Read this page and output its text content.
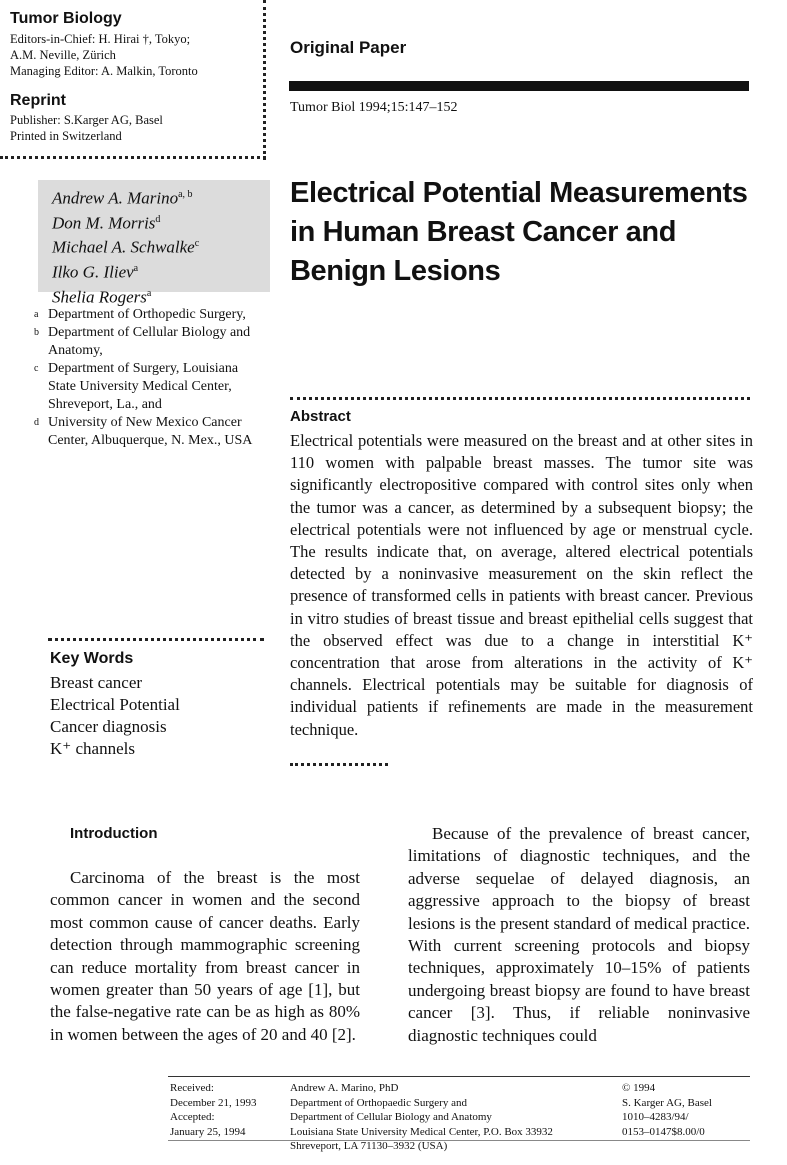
Tumor Biology
Editors-in-Chief: H. Hirai †, Tokyo;
A.M. Neville, Zürich
Managing Editor: A. Malkin, Toronto
Reprint
Publisher: S.Karger AG, Basel
Printed in Switzerland
Original Paper
Tumor Biol 1994;15:147–152
Andrew A. Marino$^{a, b}$
Don M. Morris$^d$
Michael A. Schwalke$^c$
Ilko G. Iliev$^a$
Shelia Rogers$^a$
a Department of Orthopedic Surgery,
b Department of Cellular Biology and Anatomy,
c Department of Surgery, Louisiana State University Medical Center, Shreveport, La., and
d University of New Mexico Cancer Center, Albuquerque, N. Mex., USA
Electrical Potential Measurements
in Human Breast Cancer and
Benign Lesions
Abstract
Electrical potentials were measured on the breast and at other sites in 110 women with palpable breast masses. The tumor site was significantly electropositive compared with control sites only when the tumor was a cancer, as determined by a subsequent biopsy; the electrical potentials were not influenced by age or menstrual cycle. The results indicate that, on average, altered electrical potentials detected by a noninvasive measurement on the skin reflect the presence of transformed cells in patients with breast cancer. Previous in vitro studies of breast tissue and breast epithelial cells suggest that the observed effect was due to a change in interstitial K⁺ concentration that arose from alterations in the activity of K⁺ channels. Electrical potentials may be suitable for diagnosis of individual patients if refinements are made in the measurement technique.
Key Words
Breast cancer
Electrical Potential
Cancer diagnosis
K⁺ channels
Introduction
Carcinoma of the breast is the most common cancer in women and the second most common cause of cancer deaths. Early detection through mammographic screening can reduce mortality from breast cancer in women greater than 50 years of age [1], but the false-negative rate can be as high as 80% in women between the ages of 20 and 40 [2].
Because of the prevalence of breast cancer, limitations of diagnostic techniques, and the adverse sequelae of delayed diagnosis, an aggressive approach to the biopsy of breast lesions is the present standard of medical practice. With current screening protocols and biopsy techniques, approximately 10–15% of patients undergoing breast biopsy are found to have breast cancer [3]. Thus, if reliable noninvasive diagnostic techniques could
Received:
December 21, 1993
Accepted:
January 25, 1994
Andrew A. Marino, PhD
Department of Orthopaedic Surgery and
Department of Cellular Biology and Anatomy
Louisiana State University Medical Center, P.O. Box 33932
Shreveport, LA 71130–3932 (USA)
© 1994
S. Karger AG, Basel
1010–4283/94/
0153–0147$8.00/0
